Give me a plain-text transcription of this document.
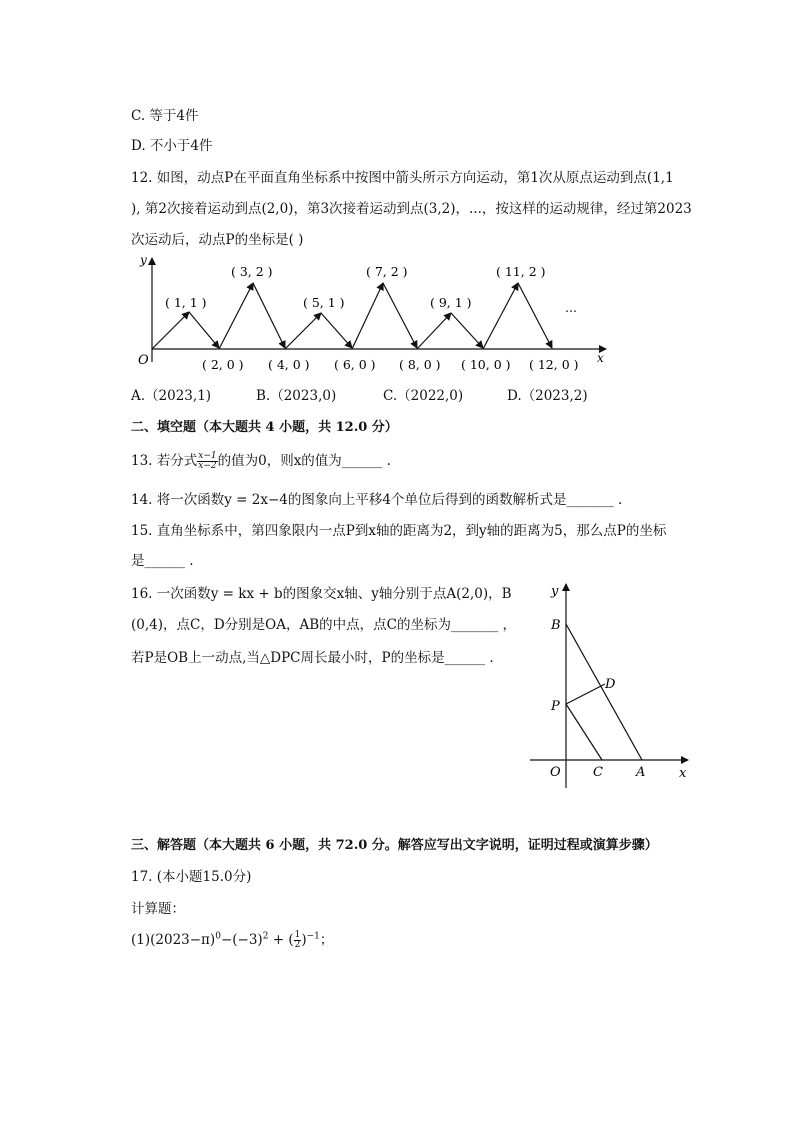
C. 等于4件
D. 不小于4件
12. 如图，动点P在平面直角坐标系中按图中箭头所示方向运动，第1次从原点运动到点(1,1
), 第2次接着运动到点(2,0)，第3次接着运动到点(3,2)，...，按这样的运动规律，经过第2023
次运动后，动点P的坐标是( )
x
y
O
( 1, 1 )
( 3, 2 )
( 5, 1 )
( 7, 2 )
( 9, 1 )
( 11, 2 )
...
( 2, 0 ) ( 4, 0 ) ( 6, 0 ) ( 8, 0 ) ( 10, 0 ) ( 12, 0 )
A.（2023,1)	B.（2023,0)	C.（2022,0)	D.（2023,2)
二、填空题（本大题共 4 小题，共 12.0 分）
13. 若分式 $\frac{x-1}{x-2}$ 的值为0，则x的值为______ .
14. 将一次函数y = 2x−4的图象向上平移4个单位后得到的函数解析式是_______ .
15. 直角坐标系中，第四象限内一点P到x轴的距离为2，到y轴的距离为5，那么点P的坐标
是______ .
16. 一次函数y = kx + b的图象交x轴、y轴分别于点A(2,0)，B
(0,4)，点C，D分别是OA，AB的中点，点C的坐标为_______ ，
若P是OB上一动点,当△DPC周长最小时，P的坐标是______ .
y
x
O
B
D
P
C	A
三、解答题（本大题共 6 小题，共 72.0 分。解答应写出文字说明，证明过程或演算步骤）
17. (本小题15.0分)
计算题：
$(1)(2023-\pi)^0-(-3)^2$ + ( $\frac{1}{2} )^{-1}$；
